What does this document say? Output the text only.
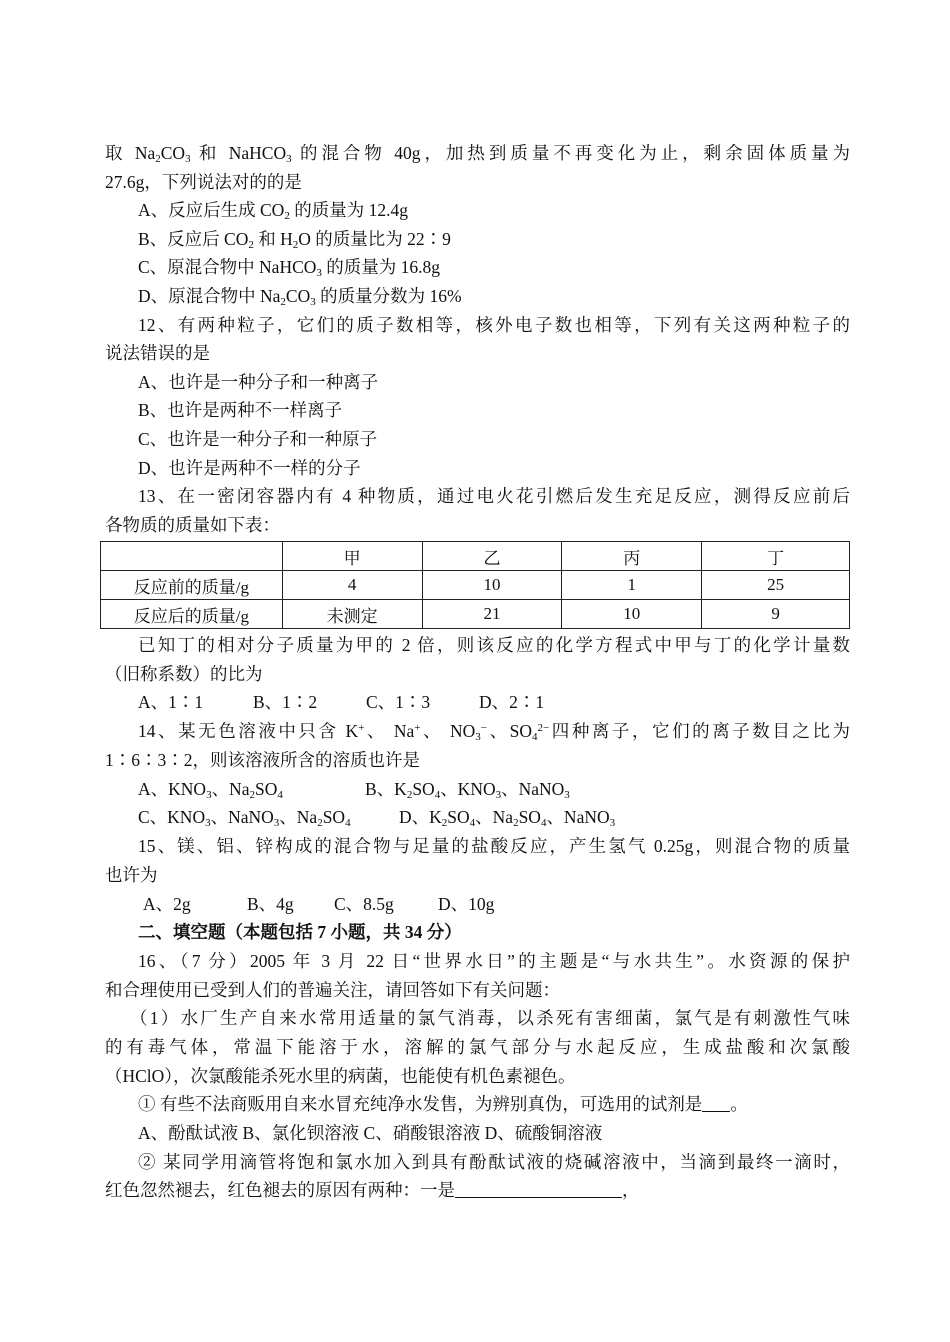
取 $Na_2CO_3$ 和 NaHCO$_3$ 的混合物 40g，加热到质量不再变化为止，剩余固体质量为
27.6g，下列说法对的的是
A、反应后生成 $CO_2$ 的质量为 12.4g
B、反应后 $CO_2$ 和 $H_2O$ 的质量比为 22∶9
C、原混合物中 NaHCO$_3$ 的质量为 16.8g
D、原混合物中 $Na_2CO_3$ 的质量分数为 16%
12、有两种粒子，它们的质子数相等，核外电子数也相等，下列有关这两种粒子的
说法错误的是
A、也许是一种分子和一种离子
B、也许是两种不一样离子
C、也许是一种分子和一种原子
D、也许是两种不一样的分子
13、在一密闭容器内有 4 种物质，通过电火花引燃后发生充足反应，测得反应前后
各物质的质量如下表：
	甲	乙	丙	丁
反应前的质量/g	4	10	1	25
反应后的质量/g	未测定	21	10	9
已知丁的相对分子质量为甲的 2 倍，则该反应的化学方程式中甲与丁的化学计量数
（旧称系数）的比为
A、1∶1	B、1∶2	C、1∶3	D、2∶1
14、某无色溶液中只含 K+、 Na+、 $NO_3^-$、$SO_4^{2-}$四种离子，它们的离子数目之比为
1∶6∶3∶2，则该溶液所含的溶质也许是
A、$KNO_3$、$Na_2SO_4$	B、$K_2SO_4$、$KNO_3$、NaNO$_3$
C、$KNO_3$、NaNO$_3$、$Na_2SO_4$	D、$K_2SO_4$、$Na_2SO_4$、NaNO$_3$
15、镁、铝、锌构成的混合物与足量的盐酸反应，产生氢气 0.25g，则混合物的质量
也许为
A、2g	B、4g C、8.5g	D、10g
二、填空题（本题包括 7 小题，共 34 分）
16、（7 分）2005 年 3 月 22 日“世界水日”的主题是“与水共生”。水资源的保护
和合理使用已受到人们的普遍关注，请回答如下有关问题：
（1）水厂生产自来水常用适量的氯气消毒，以杀死有害细菌，氯气是有刺激性气味
的有毒气体，常温下能溶于水，溶解的氯气部分与水起反应，生成盐酸和次氯酸
（HClO），次氯酸能杀死水里的病菌，也能使有机色素褪色。
① 有些不法商贩用自来水冒充纯净水发售，为辨别真伪，可选用的试剂是 。
A、酚酞试液 B、氯化钡溶液 C、硝酸银溶液 D、硫酸铜溶液
② 某同学用滴管将饱和氯水加入到具有酚酞试液的烧碱溶液中，当滴到最终一滴时，
红色忽然褪去，红色褪去的原因有两种：一是	，
